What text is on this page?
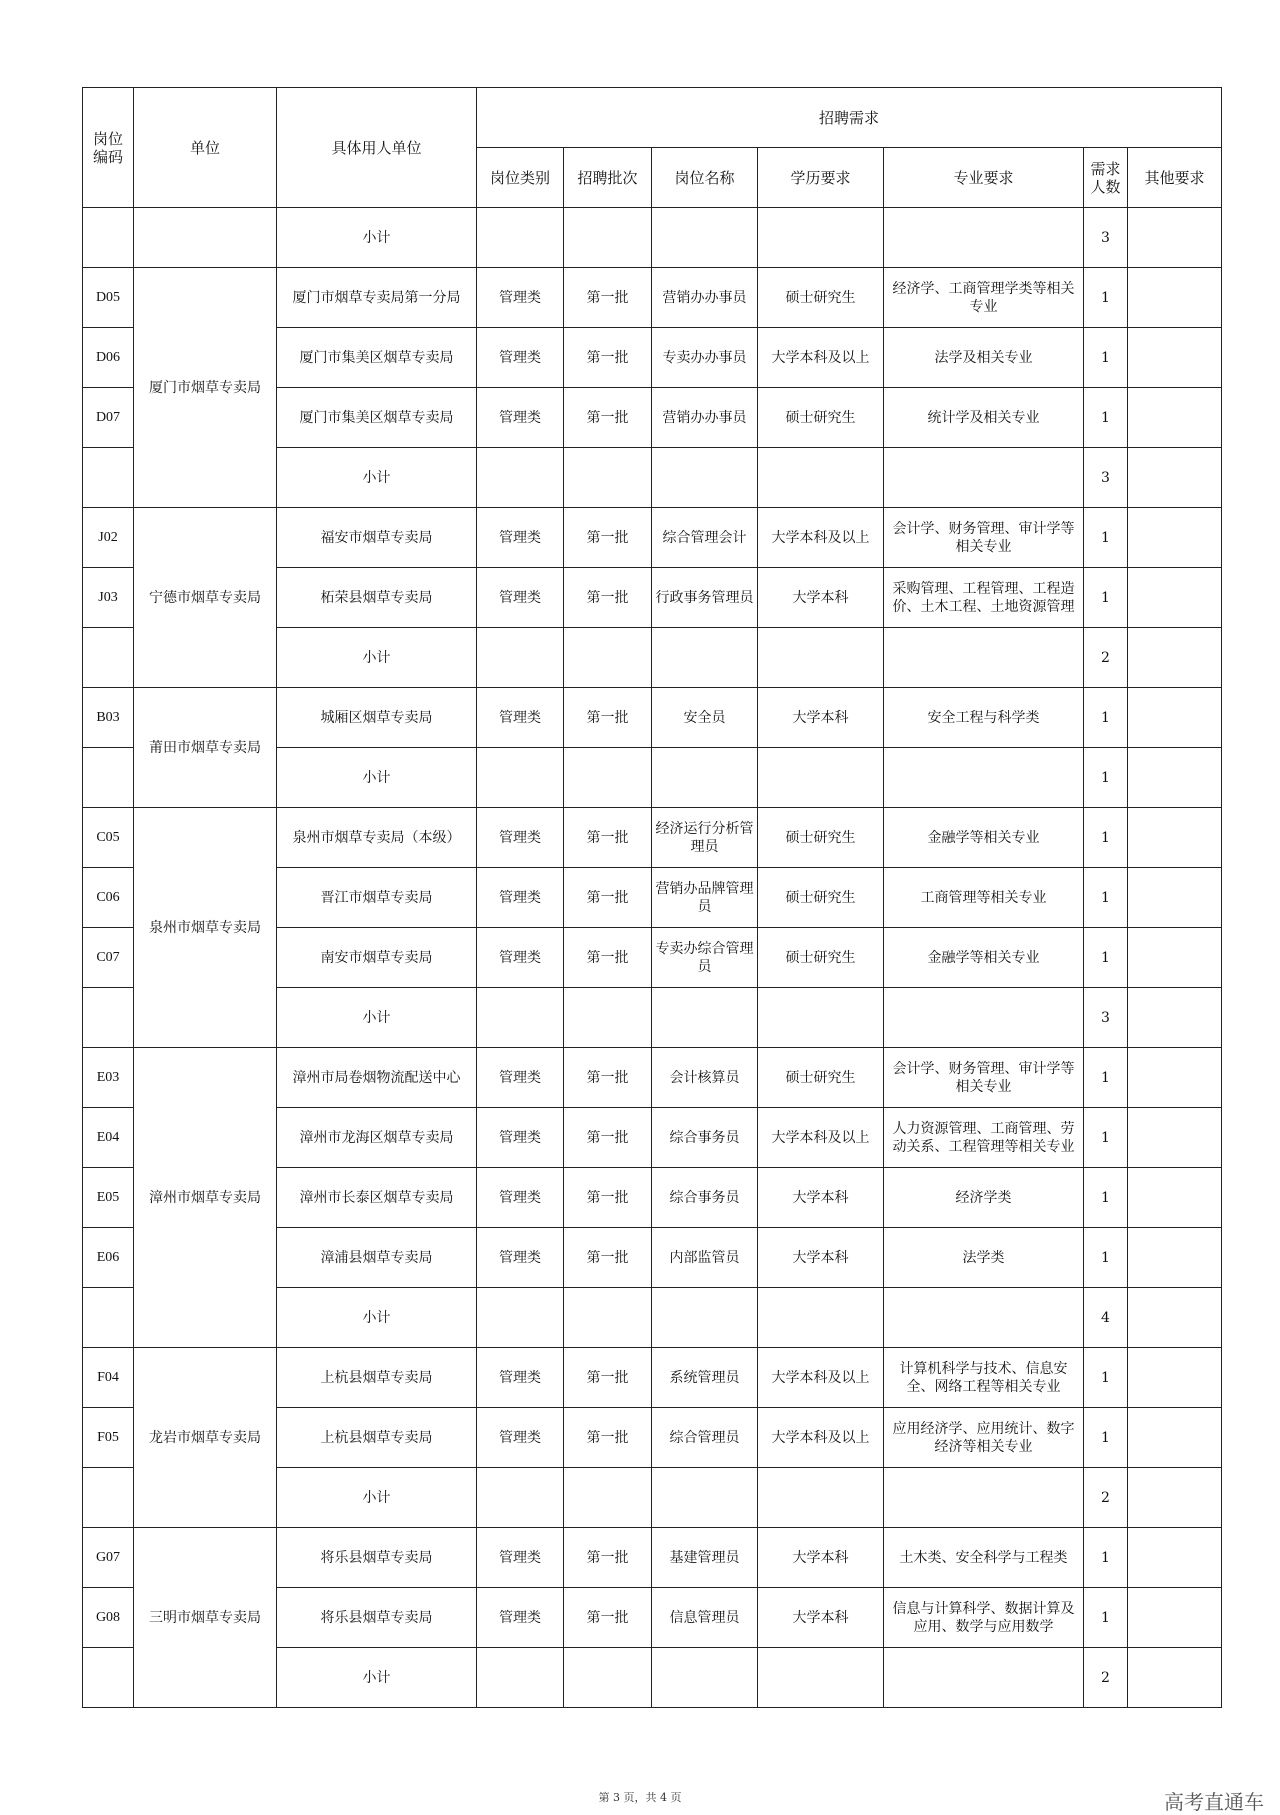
岗位编码	单位	具体用人单位	招聘需求						
			岗位类别	招聘批次	岗位名称	学历要求	专业要求	需求人数	其他要求
		小计						3	
D05	厦门市烟草专卖局	厦门市烟草专卖局第一分局	管理类	第一批	营销办办事员	硕士研究生	经济学、工商管理学类等相关专业	1	
D06		厦门市集美区烟草专卖局	管理类	第一批	专卖办办事员	大学本科及以上	法学及相关专业	1	
D07		厦门市集美区烟草专卖局	管理类	第一批	营销办办事员	硕士研究生	统计学及相关专业	1	
		小计						3	
J02	宁德市烟草专卖局	福安市烟草专卖局	管理类	第一批	综合管理会计	大学本科及以上	会计学、财务管理、审计学等相关专业	1	
J03		柘荣县烟草专卖局	管理类	第一批	行政事务管理员	大学本科	采购管理、工程管理、工程造价、土木工程、土地资源管理	1	
		小计						2	
B03	莆田市烟草专卖局	城厢区烟草专卖局	管理类	第一批	安全员	大学本科	安全工程与科学类	1	
		小计						1	
C05	泉州市烟草专卖局	泉州市烟草专卖局（本级）	管理类	第一批	经济运行分析管理员	硕士研究生	金融学等相关专业	1	
C06		晋江市烟草专卖局	管理类	第一批	营销办品牌管理员	硕士研究生	工商管理等相关专业	1	
C07		南安市烟草专卖局	管理类	第一批	专卖办综合管理员	硕士研究生	金融学等相关专业	1	
		小计						3	
E03	漳州市烟草专卖局	漳州市局卷烟物流配送中心	管理类	第一批	会计核算员	硕士研究生	会计学、财务管理、审计学等相关专业	1	
E04		漳州市龙海区烟草专卖局	管理类	第一批	综合事务员	大学本科及以上	人力资源管理、工商管理、劳动关系、工程管理等相关专业	1	
E05		漳州市长泰区烟草专卖局	管理类	第一批	综合事务员	大学本科	经济学类	1	
E06		漳浦县烟草专卖局	管理类	第一批	内部监管员	大学本科	法学类	1	
		小计						4	
F04	龙岩市烟草专卖局	上杭县烟草专卖局	管理类	第一批	系统管理员	大学本科及以上	计算机科学与技术、信息安全、网络工程等相关专业	1	
F05		上杭县烟草专卖局	管理类	第一批	综合管理员	大学本科及以上	应用经济学、应用统计、数字经济等相关专业	1	
		小计						2	
G07	三明市烟草专卖局	将乐县烟草专卖局	管理类	第一批	基建管理员	大学本科	土木类、安全科学与工程类	1	
G08		将乐县烟草专卖局	管理类	第一批	信息管理员	大学本科	信息与计算科学、数据计算及应用、数学与应用数学	1	
		小计						2	
第 3 页，共 4 页	高考直通车
